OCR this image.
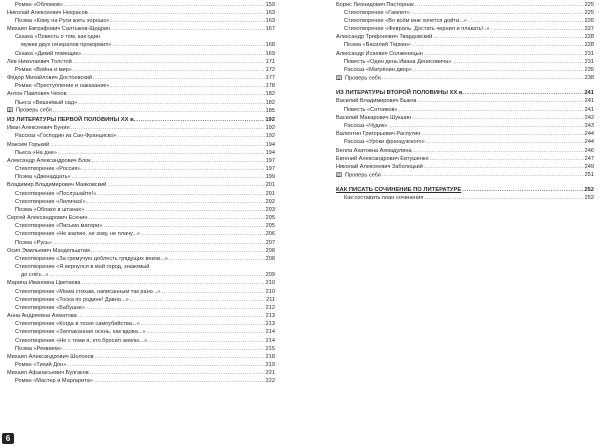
Роман «Обломов» .....	159
Николай Алексеевич Некрасов .....	163
Поэма «Кому на Руси жить хорошо» .....	163
Михаил Евграфович Салтыков-Щедрин .....	167
Сказка «Повесть о том, как один
мужик двух генералов прокормил» .....	168
Сказка «Дикий помещик» .....	169
Лев Николаевич Толстой .....	171
Роман «Война и мир» .....	172
Фёдор Михайлович Достоевский .....	177
Роман «Преступление и наказание» .....	178
Антон Павлович Чехов .....	182
Пьеса «Вишнёвый сад» .....	182
Проверь себя .....	185
ИЗ ЛИТЕРАТУРЫ ПЕРВОЙ ПОЛОВИНЫ XX в. .....	192
Иван Алексеевич Бунин .....	192
Рассказ «Господин из Сан-Франциско» .....	192
Максим Горький .....	194
Пьеса «На дне» .....	194
Александр Александрович Блок .....	197
Стихотворение «Россия» .....	197
Поэма «Двенадцать» .....	199
Владимир Владимирович Маяковский .....	201
Стихотворение «Послушайте!» .....	201
Стихотворение «Лиличка!» .....	202
Поэма «Облако в штанах» .....	203
Сергей Александрович Есенин .....	205
Стихотворение «Письмо матери» .....	205
Стихотворение «Не жалею, не зову, не плачу...» .....	206
Поэма «Русь» .....	207
Осип Эмильевич Мандельштам .....	208
Стихотворение «За гремучую доблесть грядущих веков...» .....	208
Стихотворение «Я вернулся в мой город, знакомый
до слёз...» .....	209
Марина Ивановна Цветаева .....	210
Стихотворение «Моим стихам, написанным так рано...» .....	210
Стихотворение «Тоска по родине! Давно...» .....	211
Стихотворение «Бабушке» .....	212
Анна Андреевна Ахматова .....	213
Стихотворение «Когда в тоске самоубийства...» .....	213
Стихотворение «Заплаканная осень, как вдова...» .....	214
Стихотворение «Не с теми я, кто бросил землю...» .....	214
Поэма «Реквием» .....	215
Михаил Александрович Шолохов .....	218
Роман «Тихий Дон» .....	219
Михаил Афанасьевич Булгаков .....	221
Роман «Мастер и Маргарита» .....	222
Борис Леонидович Пастернак .....	225
Стихотворение «Гамлет» .....	225
Стихотворение «Во всём мне хочется дойти...» .....	226
Стихотворение «Февраль. Достать чернил и плакать!..» .....	227
Александр Трифонович Твардовский .....	228
Поэма «Василий Тёркин» .....	228
Александр Исаевич Солженицын .....	231
Повесть «Один день Ивана Денисовича» .....	231
Рассказ «Матрёнин двор» .....	235
Проверь себя .....	238
ИЗ ЛИТЕРАТУРЫ ВТОРОЙ ПОЛОВИНЫ XX в. .....	241
Василий Владимирович Быков .....	241
Повесть «Сотников» .....	241
Василий Макарович Шукшин .....	242
Рассказ «Чудик» .....	243
Валентин Григорьевич Распутин .....	244
Рассказ «Уроки французского» .....	244
Белла Ахатовна Ахмадулина .....	246
Евгений Александрович Евтушенко .....	247
Николай Алексеевич Заболоцкий .....	249
Проверь себя .....	251
КАК ПИСАТЬ СОЧИНЕНИЕ ПО ЛИТЕРАТУРЕ .....	252
Как составить план сочинения .....	252
6
